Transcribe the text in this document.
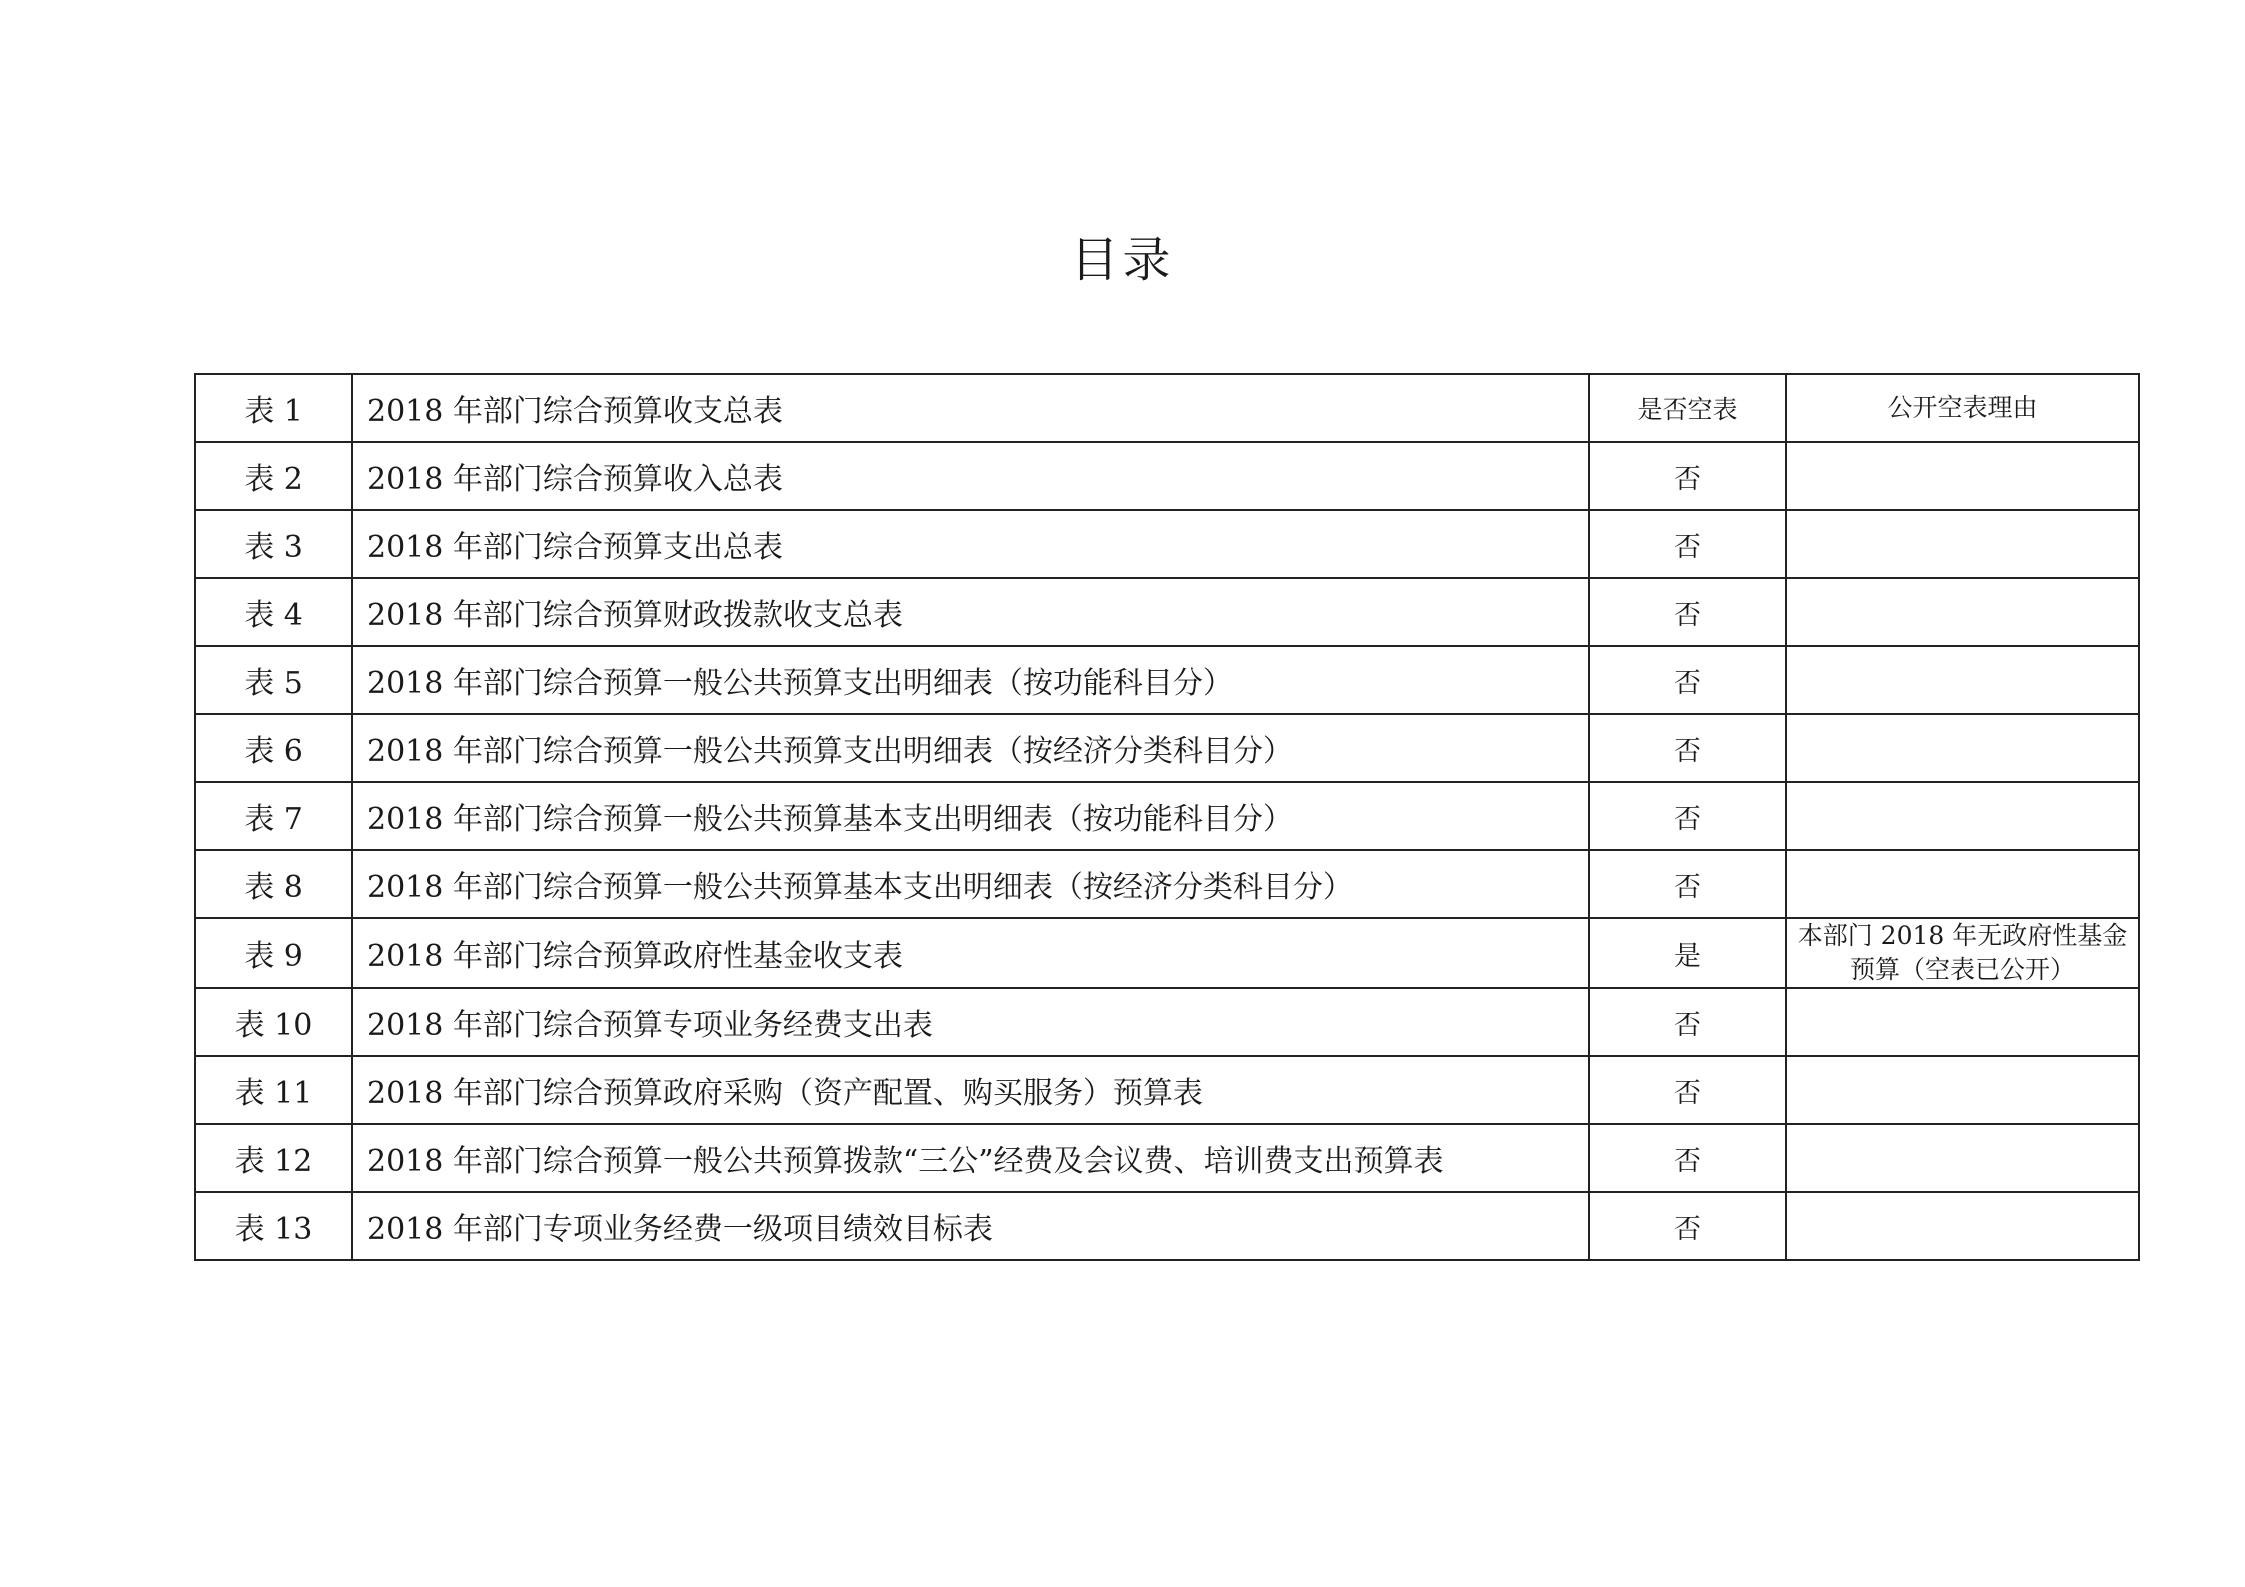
目录
表 1	2018 年部门综合预算收支总表	是否空表	公开空表理由
表 2	2018 年部门综合预算收入总表	否	
表 3	2018 年部门综合预算支出总表	否	
表 4	2018 年部门综合预算财政拨款收支总表	否	
表 5	2018 年部门综合预算一般公共预算支出明细表（按功能科目分）	否	
表 6	2018 年部门综合预算一般公共预算支出明细表（按经济分类科目分）	否	
表 7	2018 年部门综合预算一般公共预算基本支出明细表（按功能科目分）	否	
表 8	2018 年部门综合预算一般公共预算基本支出明细表（按经济分类科目分）	否	
表 9	2018 年部门综合预算政府性基金收支表	是	本部门 2018 年无政府性基金预算（空表已公开）
表 10	2018 年部门综合预算专项业务经费支出表	否	
表 11	2018 年部门综合预算政府采购（资产配置、购买服务）预算表	否	
表 12	2018 年部门综合预算一般公共预算拨款“三公”经费及会议费、培训费支出预算表	否	
表 13	2018 年部门专项业务经费一级项目绩效目标表	否	
